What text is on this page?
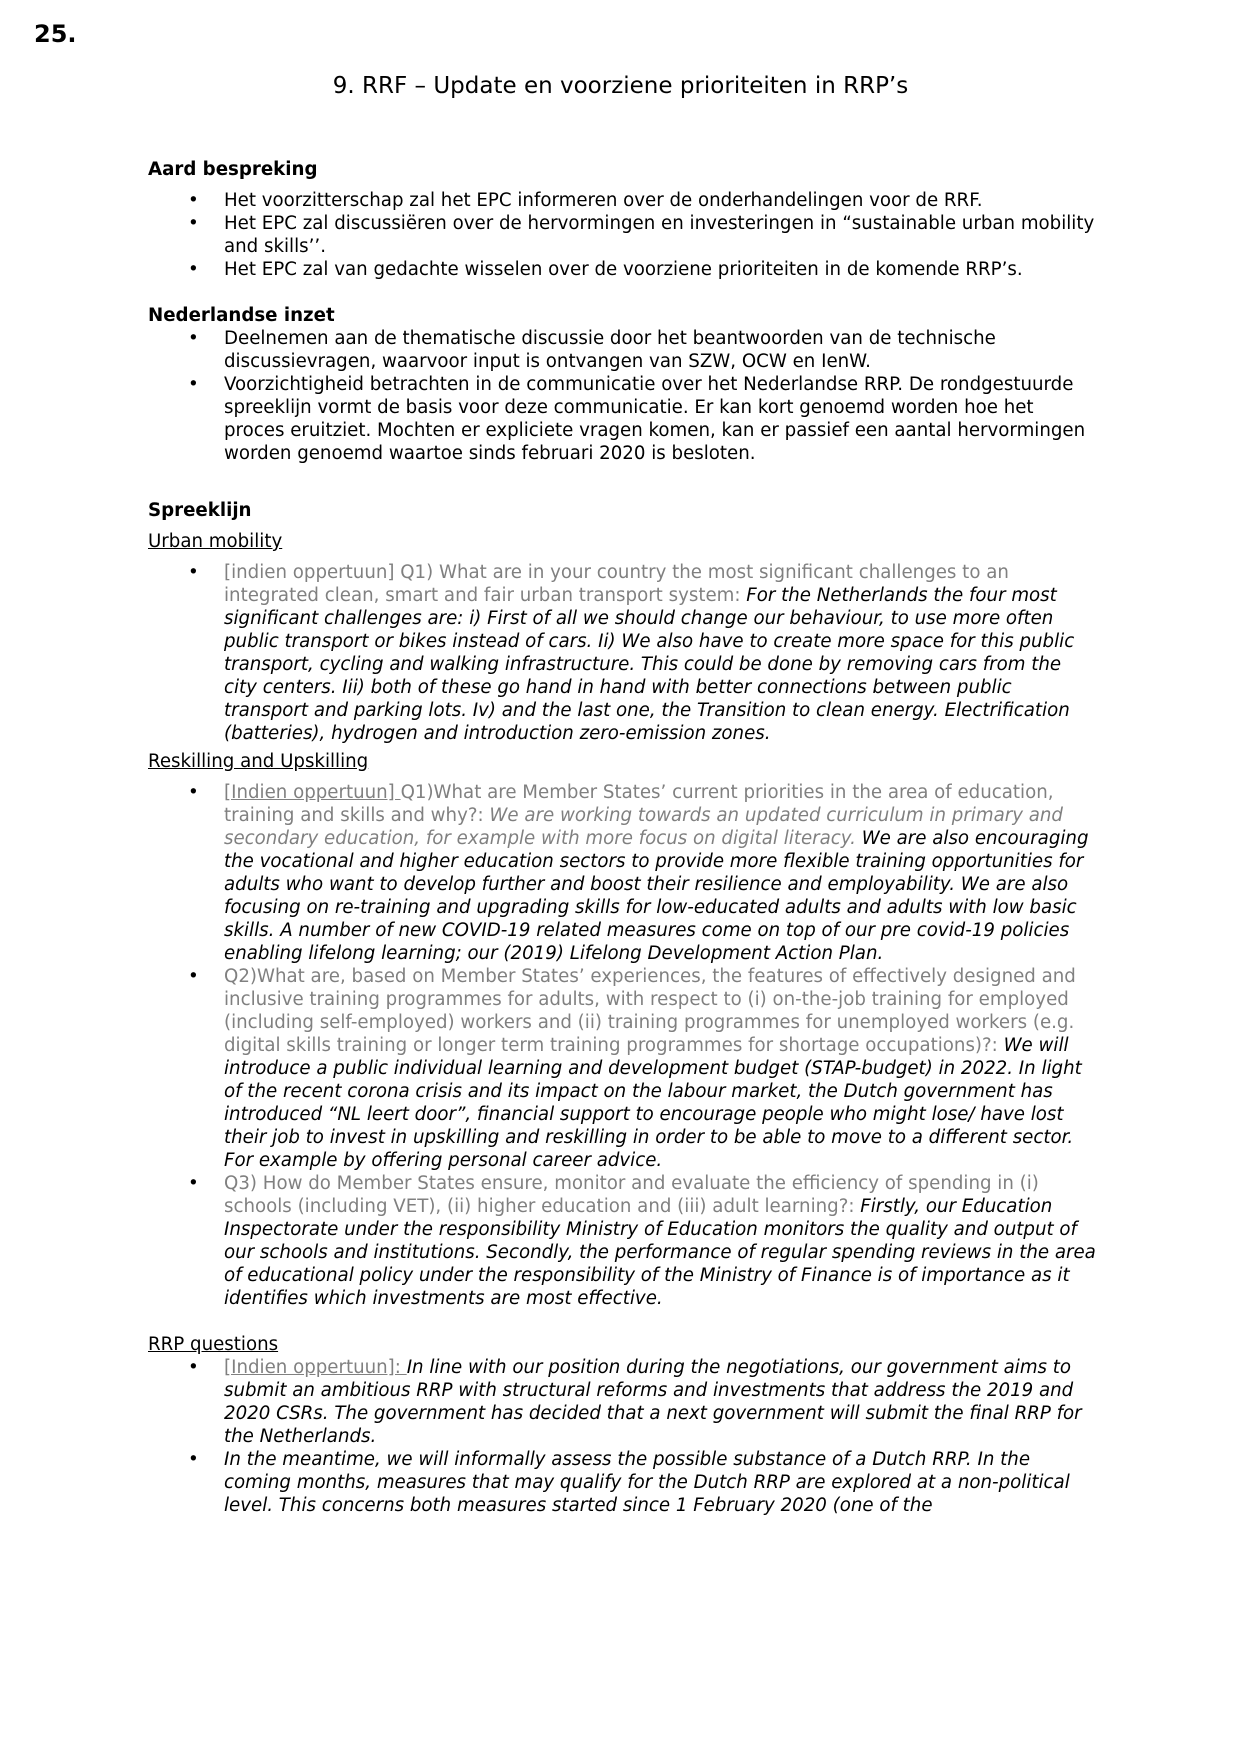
25.
9. RRF – Update en voorziene prioriteiten in RRP’s

Aard bespreking

• Het voorzitterschap zal het EPC informeren over de onderhandelingen voor de RRF.
• Het EPC zal discussiëren over de hervormingen en investeringen in “sustainable urban mobility and skills’’.
• Het EPC zal van gedachte wisselen over de voorziene prioriteiten in de komende RRP’s.

Nederlandse inzet

• Deelnemen aan de thematische discussie door het beantwoorden van de technische discussievragen, waarvoor input is ontvangen van SZW, OCW en IenW.
• Voorzichtigheid betrachten in de communicatie over het Nederlandse RRP. De rondgestuurde spreeklijn vormt de basis voor deze communicatie. Er kan kort genoemd worden hoe het proces eruitziet. Mochten er expliciete vragen komen, kan er passief een aantal hervormingen worden genoemd waartoe sinds februari 2020 is besloten.

Spreeklijn

Urban mobility

• [indien oppertuun] Q1) What are in your country the most significant challenges to an integrated clean, smart and fair urban transport system: For the Netherlands the four most significant challenges are: i) First of all we should change our behaviour, to use more often public transport or bikes instead of cars. Ii) We also have to create more space for this public transport, cycling and walking infrastructure. This could be done by removing cars from the city centers. Iii) both of these go hand in hand with better connections between public transport and parking lots. Iv) and the last one, the Transition to clean energy. Electrification (batteries), hydrogen and introduction zero-emission zones.

Reskilling and Upskilling

• [Indien oppertuun] Q1)What are Member States’ current priorities in the area of education, training and skills and why?: We are working towards an updated curriculum in primary and secondary education, for example with more focus on digital literacy. We are also encouraging the vocational and higher education sectors to provide more flexible training opportunities for adults who want to develop further and boost their resilience and employability. We are also focusing on re-training and upgrading skills for low-educated adults and adults with low basic skills. A number of new COVID-19 related measures come on top of our pre covid-19 policies enabling lifelong learning; our (2019) Lifelong Development Action Plan.
• Q2)What are, based on Member States’ experiences, the features of effectively designed and inclusive training programmes for adults, with respect to (i) on-the-job training for employed (including self-employed) workers and (ii) training programmes for unemployed workers (e.g. digital skills training or longer term training programmes for shortage occupations)?: We will introduce a public individual learning and development budget (STAP-budget) in 2022. In light of the recent corona crisis and its impact on the labour market, the Dutch government has introduced “NL leert door”, financial support to encourage people who might lose/ have lost their job to invest in upskilling and reskilling in order to be able to move to a different sector. For example by offering personal career advice.
• Q3) How do Member States ensure, monitor and evaluate the efficiency of spending in (i) schools (including VET), (ii) higher education and (iii) adult learning?: Firstly, our Education Inspectorate under the responsibility Ministry of Education monitors the quality and output of our schools and institutions. Secondly, the performance of regular spending reviews in the area of educational policy under the responsibility of the Ministry of Finance is of importance as it identifies which investments are most effective.

RRP questions

• [Indien oppertuun]: In line with our position during the negotiations, our government aims to submit an ambitious RRP with structural reforms and investments that address the 2019 and 2020 CSRs. The government has decided that a next government will submit the final RRP for the Netherlands.
• In the meantime, we will informally assess the possible substance of a Dutch RRP. In the coming months, measures that may qualify for the Dutch RRP are explored at a non-political level. This concerns both measures started since 1 February 2020 (one of the
